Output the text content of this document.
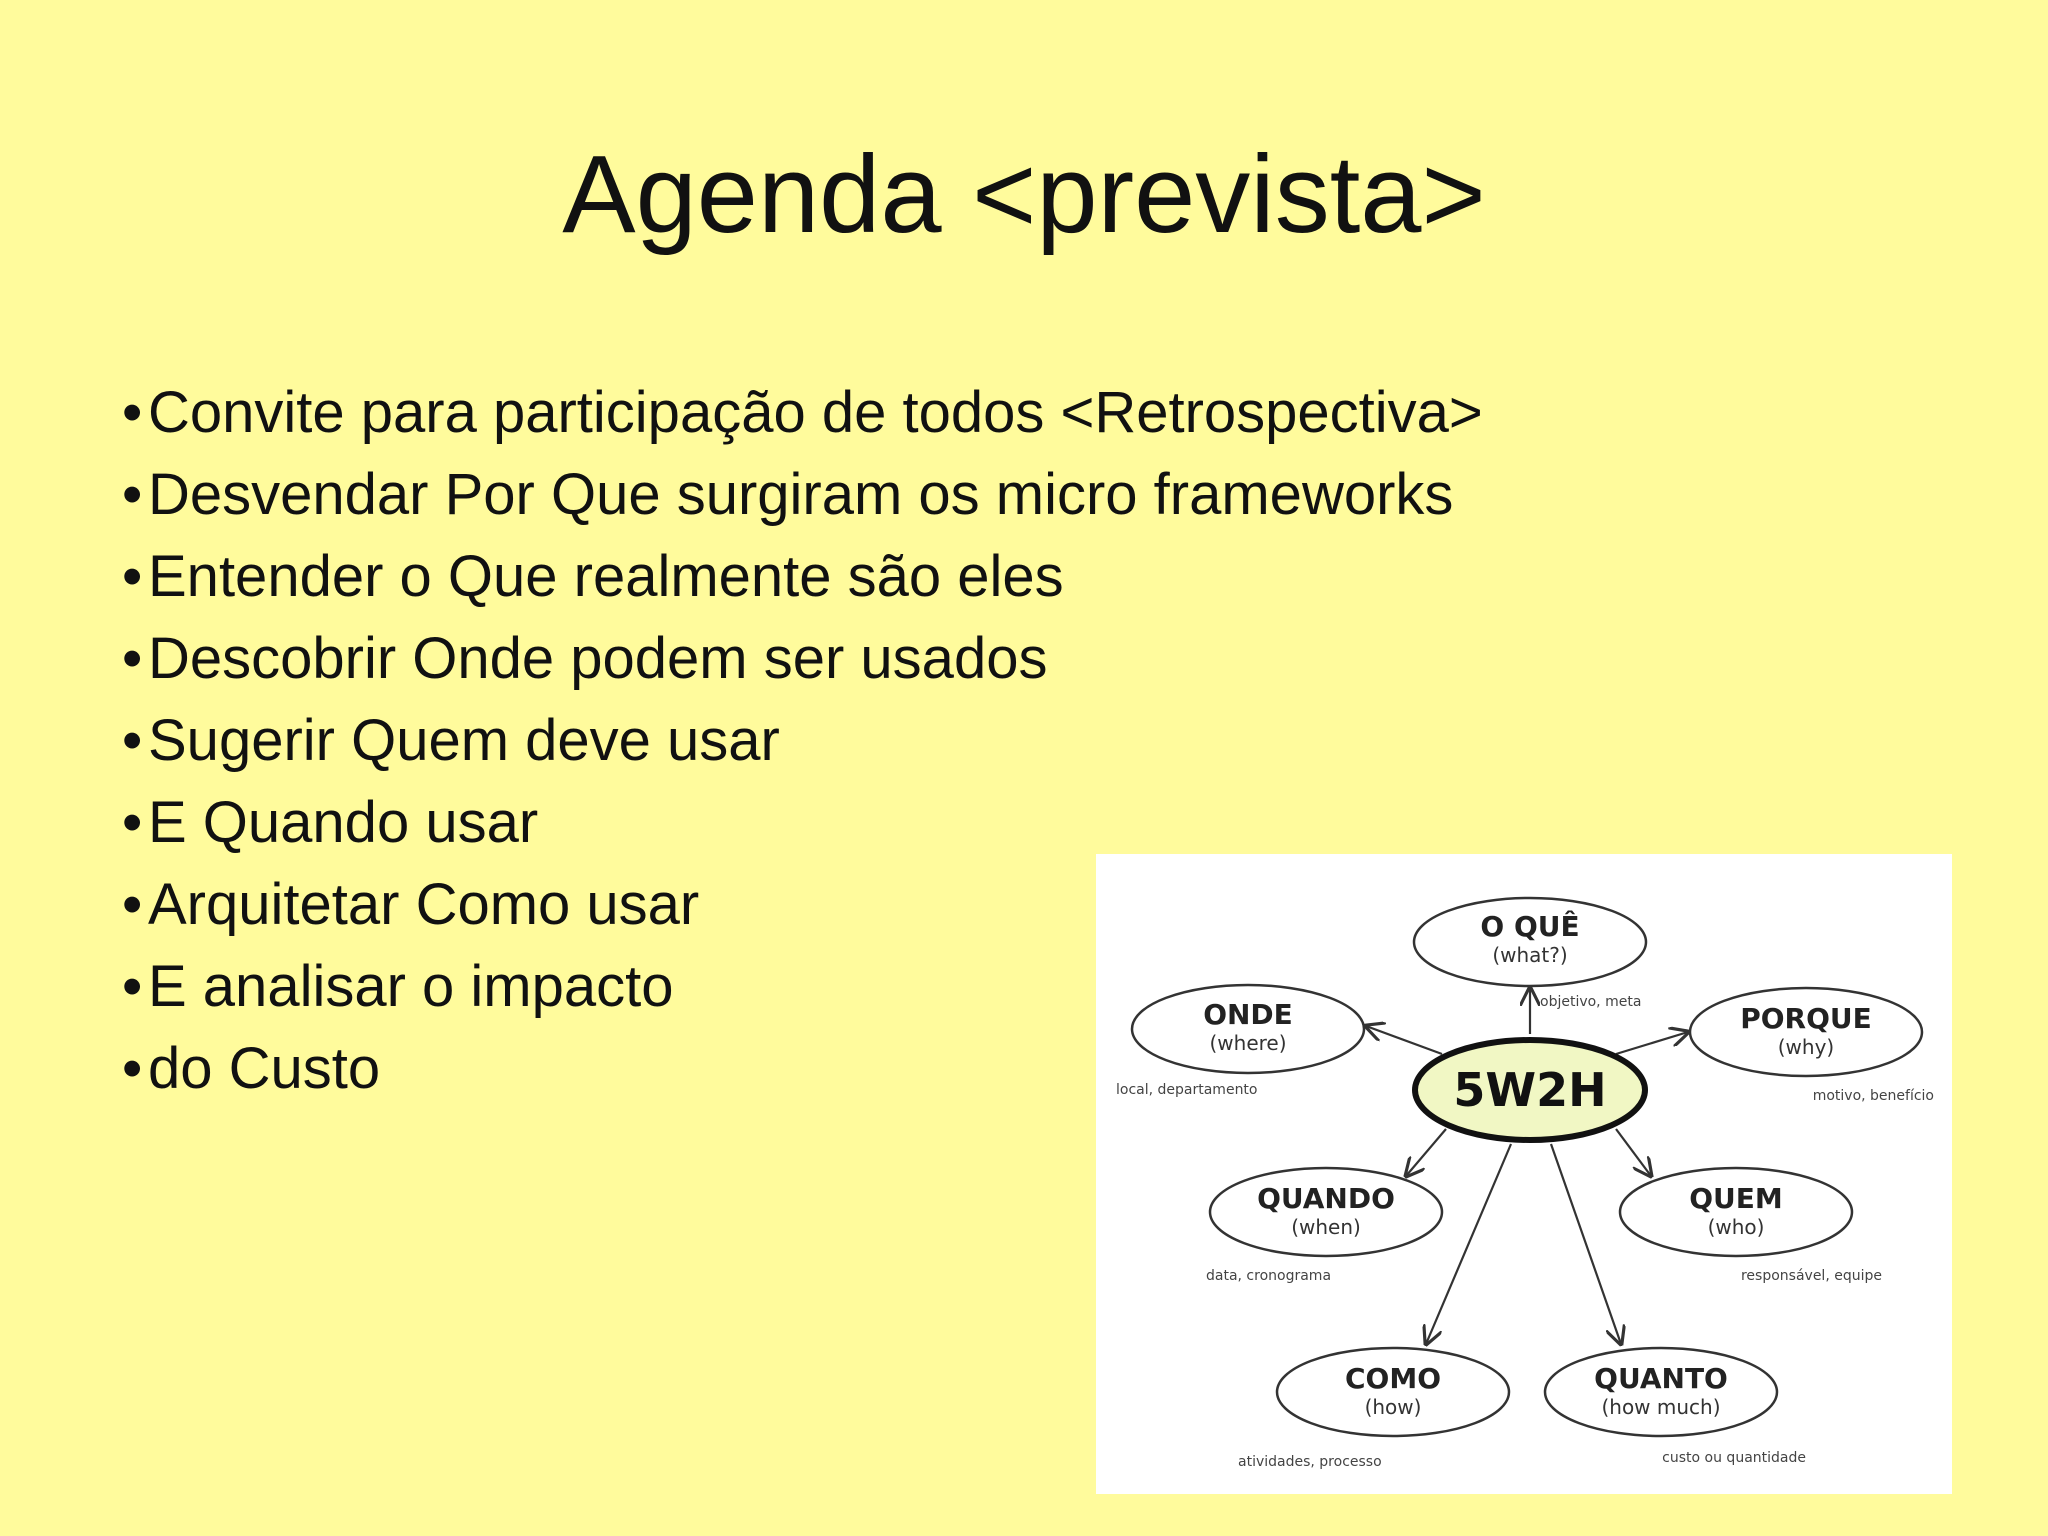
Agenda <prevista>
•Convite para participação de todos <Retrospectiva>
•Desvendar Por Que surgiram os micro frameworks
•Entender o Que realmente são eles
•Descobrir Onde podem ser usados
•Sugerir Quem deve usar
•E Quando usar
•Arquitetar Como usar
•E analisar o impacto
•do Custo	5W2H
O QUÊ
(what?)
objetivo, meta
ONDE
(where)
local, departamento
PORQUE
(why)
motivo, benefício
QUANDO
(when)
data, cronograma
QUEM
(who)
responsável, equipe
COMO
(how)
atividades, processo
QUANTO
(how much)
custo ou quantidade
